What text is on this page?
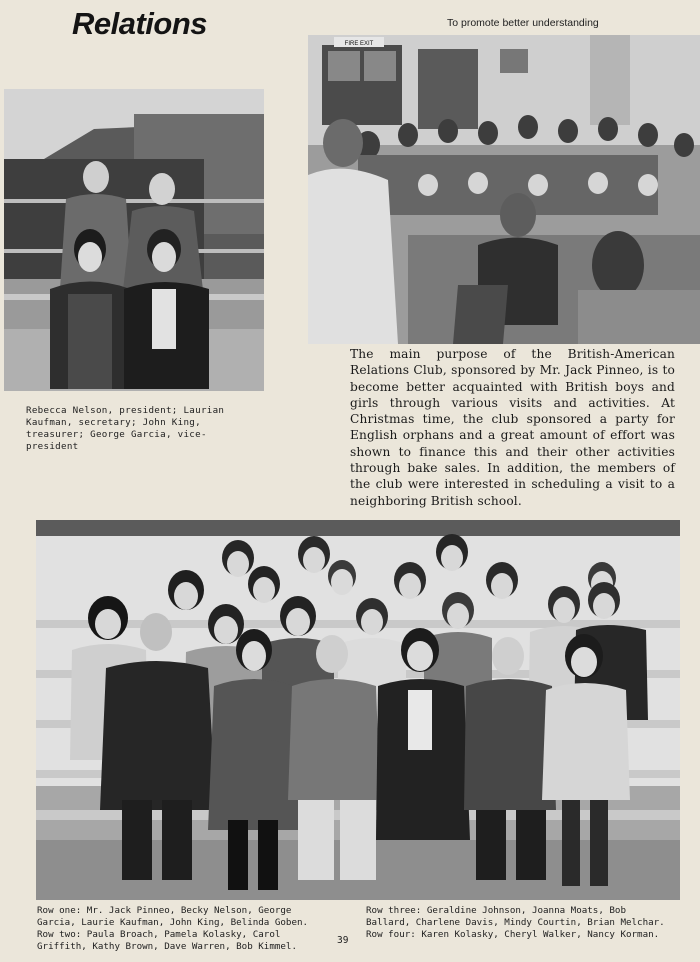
Relations	To promote better understanding
Rebecca Nelson, president; Laurian Kaufman, secretary; John King, treasurer; George Garcia, vice-president
FIRE EXIT
The main purpose of the British-American Relations Club, sponsored by Mr. Jack Pinneo, is to become better acquainted with British boys and girls through various visits and activities. At Christmas time, the club sponsored a party for English orphans and a great amount of effort was shown to finance this and their other activities through bake sales. In addition, the members of the club were interested in scheduling a visit to a neighboring British school.
Row one: Mr. Jack Pinneo, Becky Nelson, George Garcia, Laurie Kaufman, John King, Belinda Goben. Row two: Paula Broach, Pamela Kolasky, Carol Griffith, Kathy Brown, Dave Warren, Bob Kimmel.
Row three: Geraldine Johnson, Joanna Moats, Bob Ballard, Charlene Davis, Mindy Courtin, Brian Melchar. Row four: Karen Kolasky, Cheryl Walker, Nancy Korman.
39
